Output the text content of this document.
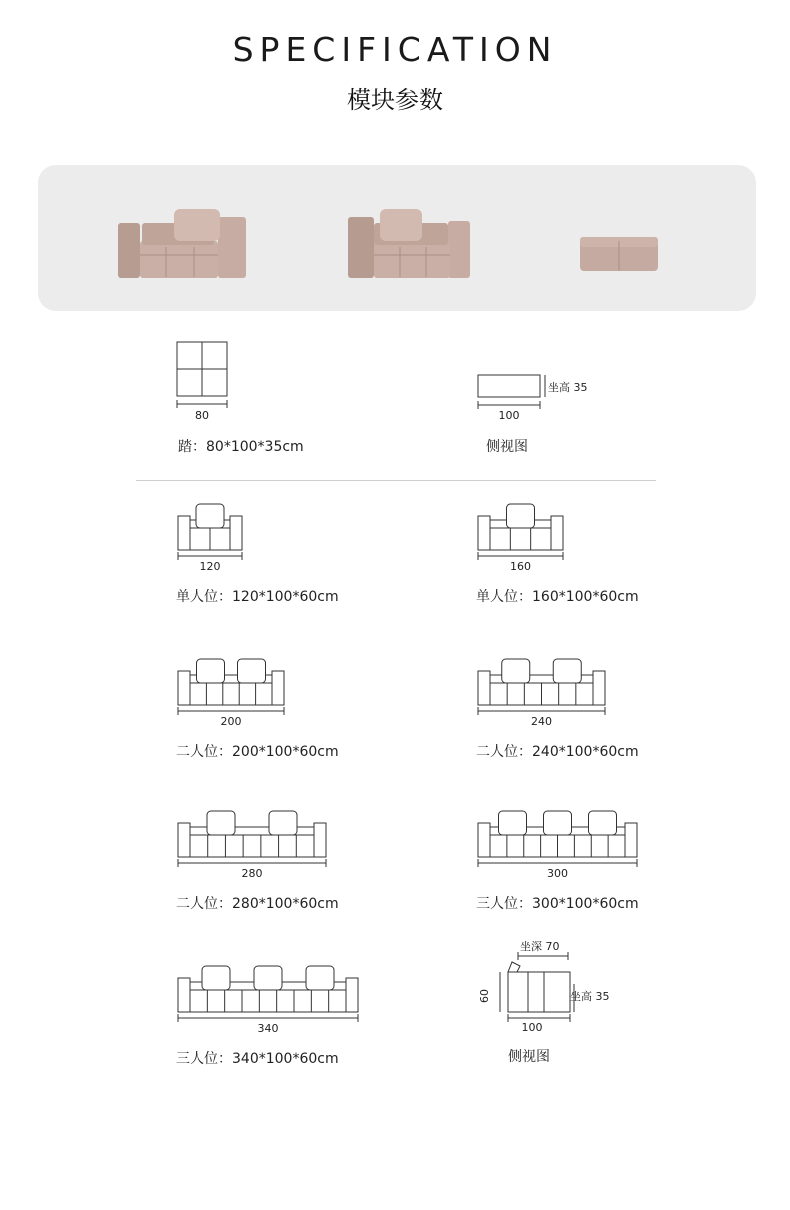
SPECIFICATION
模块参数
80
踏：80*100*35cm
100
坐高 35
侧视图
120
单人位：120*100*60cm
160
单人位：160*100*60cm
200
二人位：200*100*60cm
240
二人位：240*100*60cm
280
二人位：280*100*60cm
300
三人位：300*100*60cm
340
三人位：340*100*60cm
坐深 70
60	坐高 35
100
侧视图
